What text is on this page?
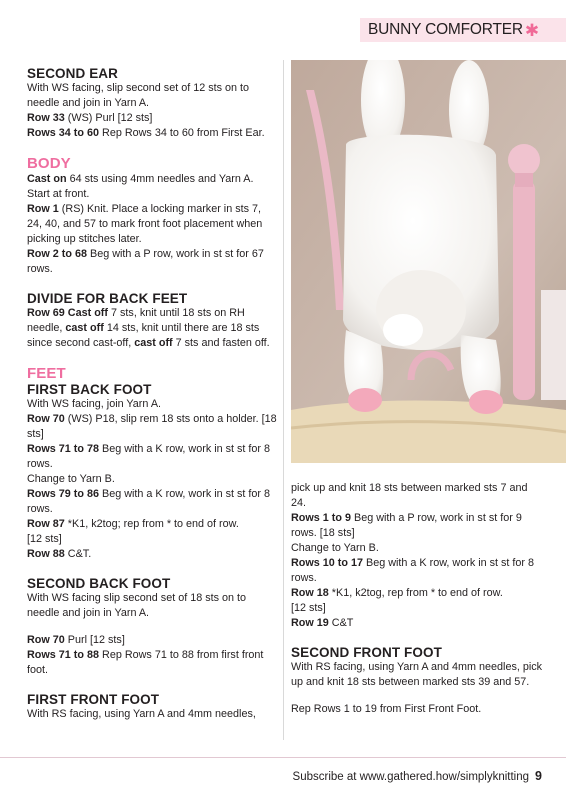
BUNNY COMFORTER ✱
SECOND EAR
With WS facing, slip second set of 12 sts on to needle and join in Yarn A.
Row 33 (WS) Purl [12 sts]
Rows 34 to 60 Rep Rows 34 to 60 from First Ear.
BODY
Cast on 64 sts using 4mm needles and Yarn A. Start at front.
Row 1 (RS) Knit. Place a locking marker in sts 7, 24, 40, and 57 to mark front foot placement when picking up stitches later.
Row 2 to 68 Beg with a P row, work in st st for 67 rows.
DIVIDE FOR BACK FEET
Row 69 Cast off 7 sts, knit until 18 sts on RH needle, cast off 14 sts, knit until there are 18 sts since second cast-off, cast off 7 sts and fasten off.
FEET
FIRST BACK FOOT
With WS facing, join Yarn A.
Row 70 (WS) P18, slip rem 18 sts onto a holder. [18 sts]
Rows 71 to 78 Beg with a K row, work in st st for 8 rows.
Change to Yarn B.
Rows 79 to 86 Beg with a K row, work in st st for 8 rows.
Row 87 *K1, k2tog; rep from * to end of row.
[12 sts]
Row 88 C&T.
SECOND BACK FOOT
With WS facing slip second set of 18 sts on to needle and join in Yarn A.
Row 70 Purl [12 sts]
Rows 71 to 88 Rep Rows 71 to 88 from first front foot.
FIRST FRONT FOOT
With RS facing, using Yarn A and 4mm needles,
pick up and knit 18 sts between marked sts 7 and 24.
Rows 1 to 9 Beg with a P row, work in st st for 9 rows. [18 sts]
Change to Yarn B.
Rows 10 to 17 Beg with a K row, work in st st for 8 rows.
Row 18 *K1, k2tog, rep from * to end of row.
[12 sts]
Row 19 C&T
SECOND FRONT FOOT
With RS facing, using Yarn A and 4mm needles, pick up and knit 18 sts between marked sts 39 and 57.
Rep Rows 1 to 19 from First Front Foot.
Subscribe at www.gathered.how/simplyknitting 9
